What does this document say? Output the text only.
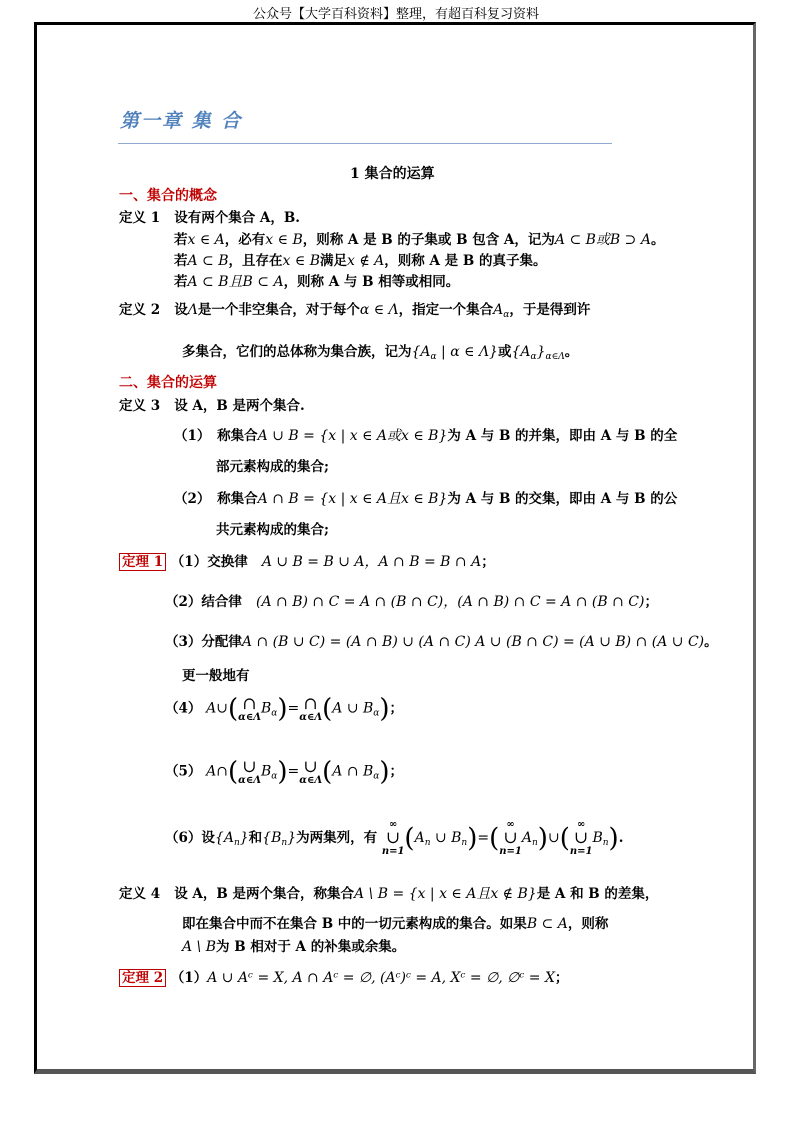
公众号【大学百科资料】整理，有超百科复习资料
第一章 集 合
1 集合的运算
一、集合的概念
定义 1 设有两个集合 A，B.
若x ∈ A，必有x ∈ B，则称 A 是 B 的子集或 B 包含 A，记为A ⊂ B或B ⊃ A。
若A ⊂ B，且存在x ∈ B满足x ∉ A，则称 A 是 B 的真子集。
若A ⊂ B且B ⊂ A，则称 A 与 B 相等或相同。
定义 2 设Λ是一个非空集合，对于每个α ∈ Λ，指定一个集合$A_\alpha$，于是得到许
多集合，它们的总体称为集合族，记为{$A_\alpha$ | α ∈ Λ}或$\{A_\alpha\}_{\alpha\in\Lambda}$。
二、集合的运算
定义 3 设 A，B 是两个集合.
（1）　称集合A ∪ B = {x | x ∈ A或x ∈ B}为 A 与 B 的并集，即由 A 与 B 的全
部元素构成的集合;
（2）　称集合A ∩ B = {x | x ∈ A且x ∈ B}为 A 与 B 的交集，即由 A 与 B 的公
共元素构成的集合;
定理 1 （1）交换律 A ∪ B = B ∪ A，A ∩ B = B ∩ A；
（2）结合律 (A ∩ B) ∩ C = A ∩ (B ∩ C)，(A ∩ B) ∩ C = A ∩ (B ∩ C)；
（3）分配律A ∩ (B ∪ C) = (A ∩ B) ∪ (A ∩ C) A ∪ (B ∩ C) = (A ∪ B) ∩ (A ∪ C)。
更一般地有
（4） A∪( ∩
α∈Λ
$B_\alpha)=$ ∩
α∈Λ (A ∪ $B_\alpha$)；
（5） A∩( ∪
α∈Λ
$B_\alpha)=$ ∪
α∈Λ (A ∩ $B_\alpha$)；
（6）设$\{A_n\}$和$\{B_n\}$为两集列，有
∞
∪
n=1 ($A_n$ ∪ $B_n)=$( ∞
∪
n=1
$A_n)\cup$( ∞
∪
n=1
$B_n$).
定义 4 设 A，B 是两个集合，称集合A \ B = {x | x ∈ A且x ∉ B}是 A 和 B 的差集，
即在集合中而不在集合 B 中的一切元素构成的集合。如果B ⊂ A，则称
A \ B为 B 相对于 A 的补集或余集。
定理 2 （1）A ∪ Aᶜ = X, A ∩ Aᶜ = ∅, (Aᶜ)ᶜ = A, Xᶜ = ∅, ∅ᶜ = X；
